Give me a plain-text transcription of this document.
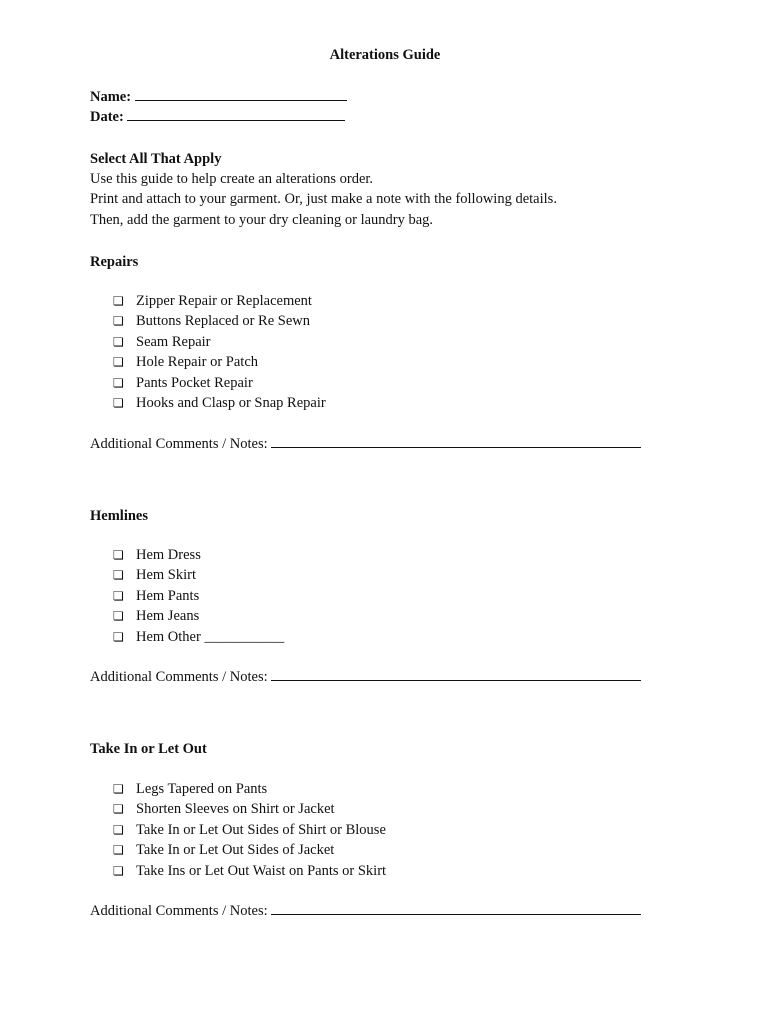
Alterations Guide
Name:
Date:
Select All That Apply
Use this guide to help create an alterations order.
Print and attach to your garment. Or, just make a note with the following details.
Then, add the garment to your dry cleaning or laundry bag.
Repairs
❏ Zipper Repair or Replacement
❏ Buttons Replaced or Re Sewn
❏ Seam Repair
❏ Hole Repair or Patch
❏ Pants Pocket Repair
❏ Hooks and Clasp or Snap Repair
Additional Comments / Notes:
Hemlines
❏ Hem Dress
❏ Hem Skirt
❏ Hem Pants
❏ Hem Jeans
❏ Hem Other ___________
Additional Comments / Notes:
Take In or Let Out
❏ Legs Tapered on Pants
❏ Shorten Sleeves on Shirt or Jacket
❏ Take In or Let Out Sides of Shirt or Blouse
❏ Take In or Let Out Sides of Jacket
❏ Take Ins or Let Out Waist on Pants or Skirt
Additional Comments / Notes:
